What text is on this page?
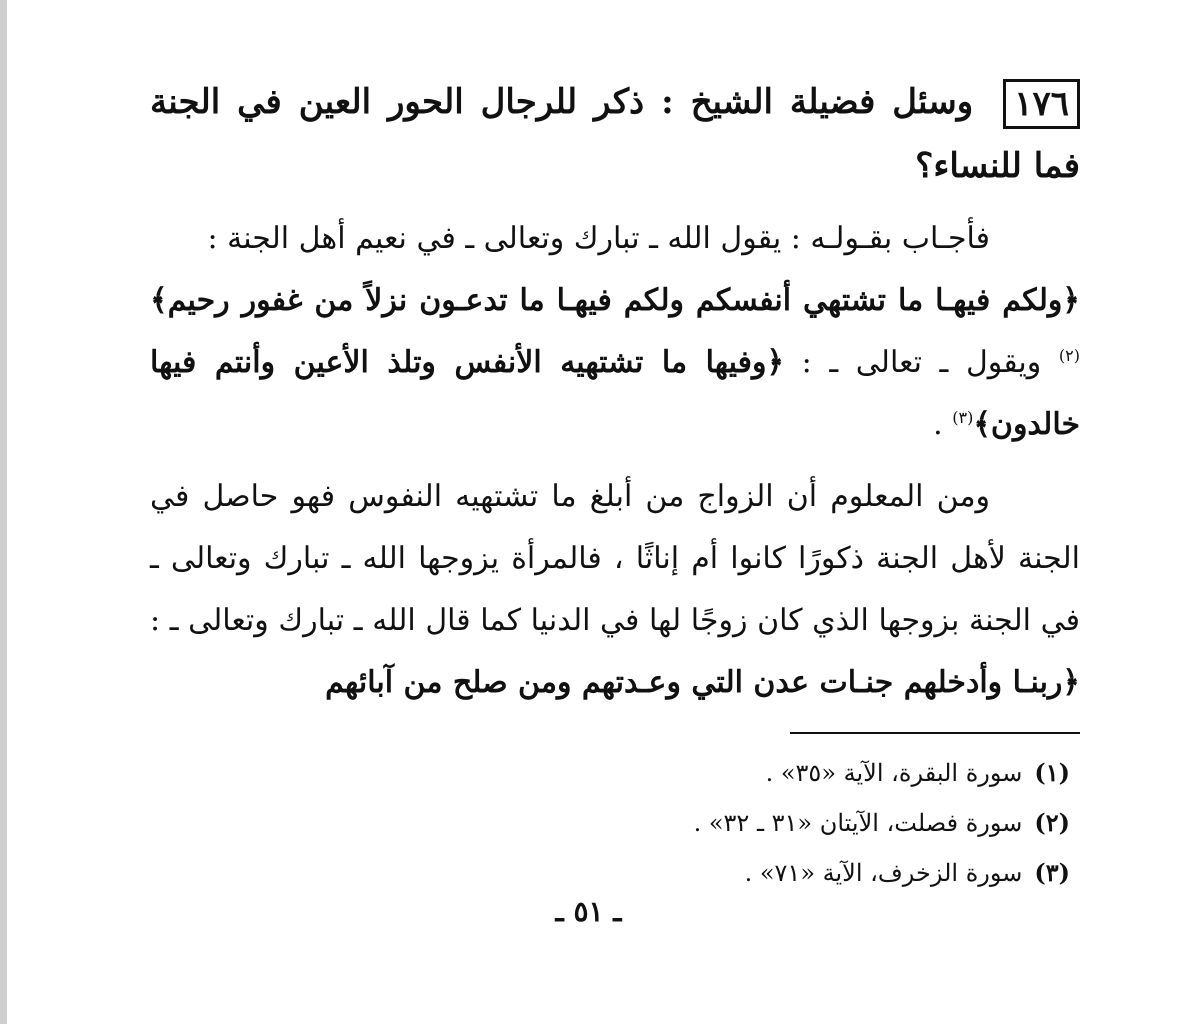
١٧٦وسئل فضيلة الشيخ : ذكر للرجال الحور العين في الجنة فما للنساء؟

فأجـاب بقـولـه : يقول الله ـ تبارك وتعالى ـ في نعيم أهل الجنة :

﴿ولكم فيهـا ما تشتهي أنفسكم ولكم فيهـا ما تدعـون نزلاً من غفور رحيم﴾$^{(٢)}$ ويقول ـ تعالى ـ : ﴿وفيها ما تشتهيه الأنفس وتلذ الأعين وأنتم فيها خالدون﴾$^{(٣)}$ .

ومن المعلوم أن الزواج من أبلغ ما تشتهيه النفوس فهو حاصل في الجنة لأهل الجنة ذكورًا كانوا أم إناثًا ، فالمرأة يزوجها الله ـ تبارك وتعالى ـ في الجنة بزوجها الذي كان زوجًا لها في الدنيا كما قال الله ـ تبارك وتعالى ـ : ﴿ربنـا وأدخلهم جنـات عدن التي وعـدتهم ومن صلح من آبائهم

(١)سورة البقرة، الآية «٣٥» .

(٢)سورة فصلت، الآيتان «٣١ ـ ٣٢» .

(٣)سورة الزخرف، الآية «٧١» .

ـ ٥١ ـ
